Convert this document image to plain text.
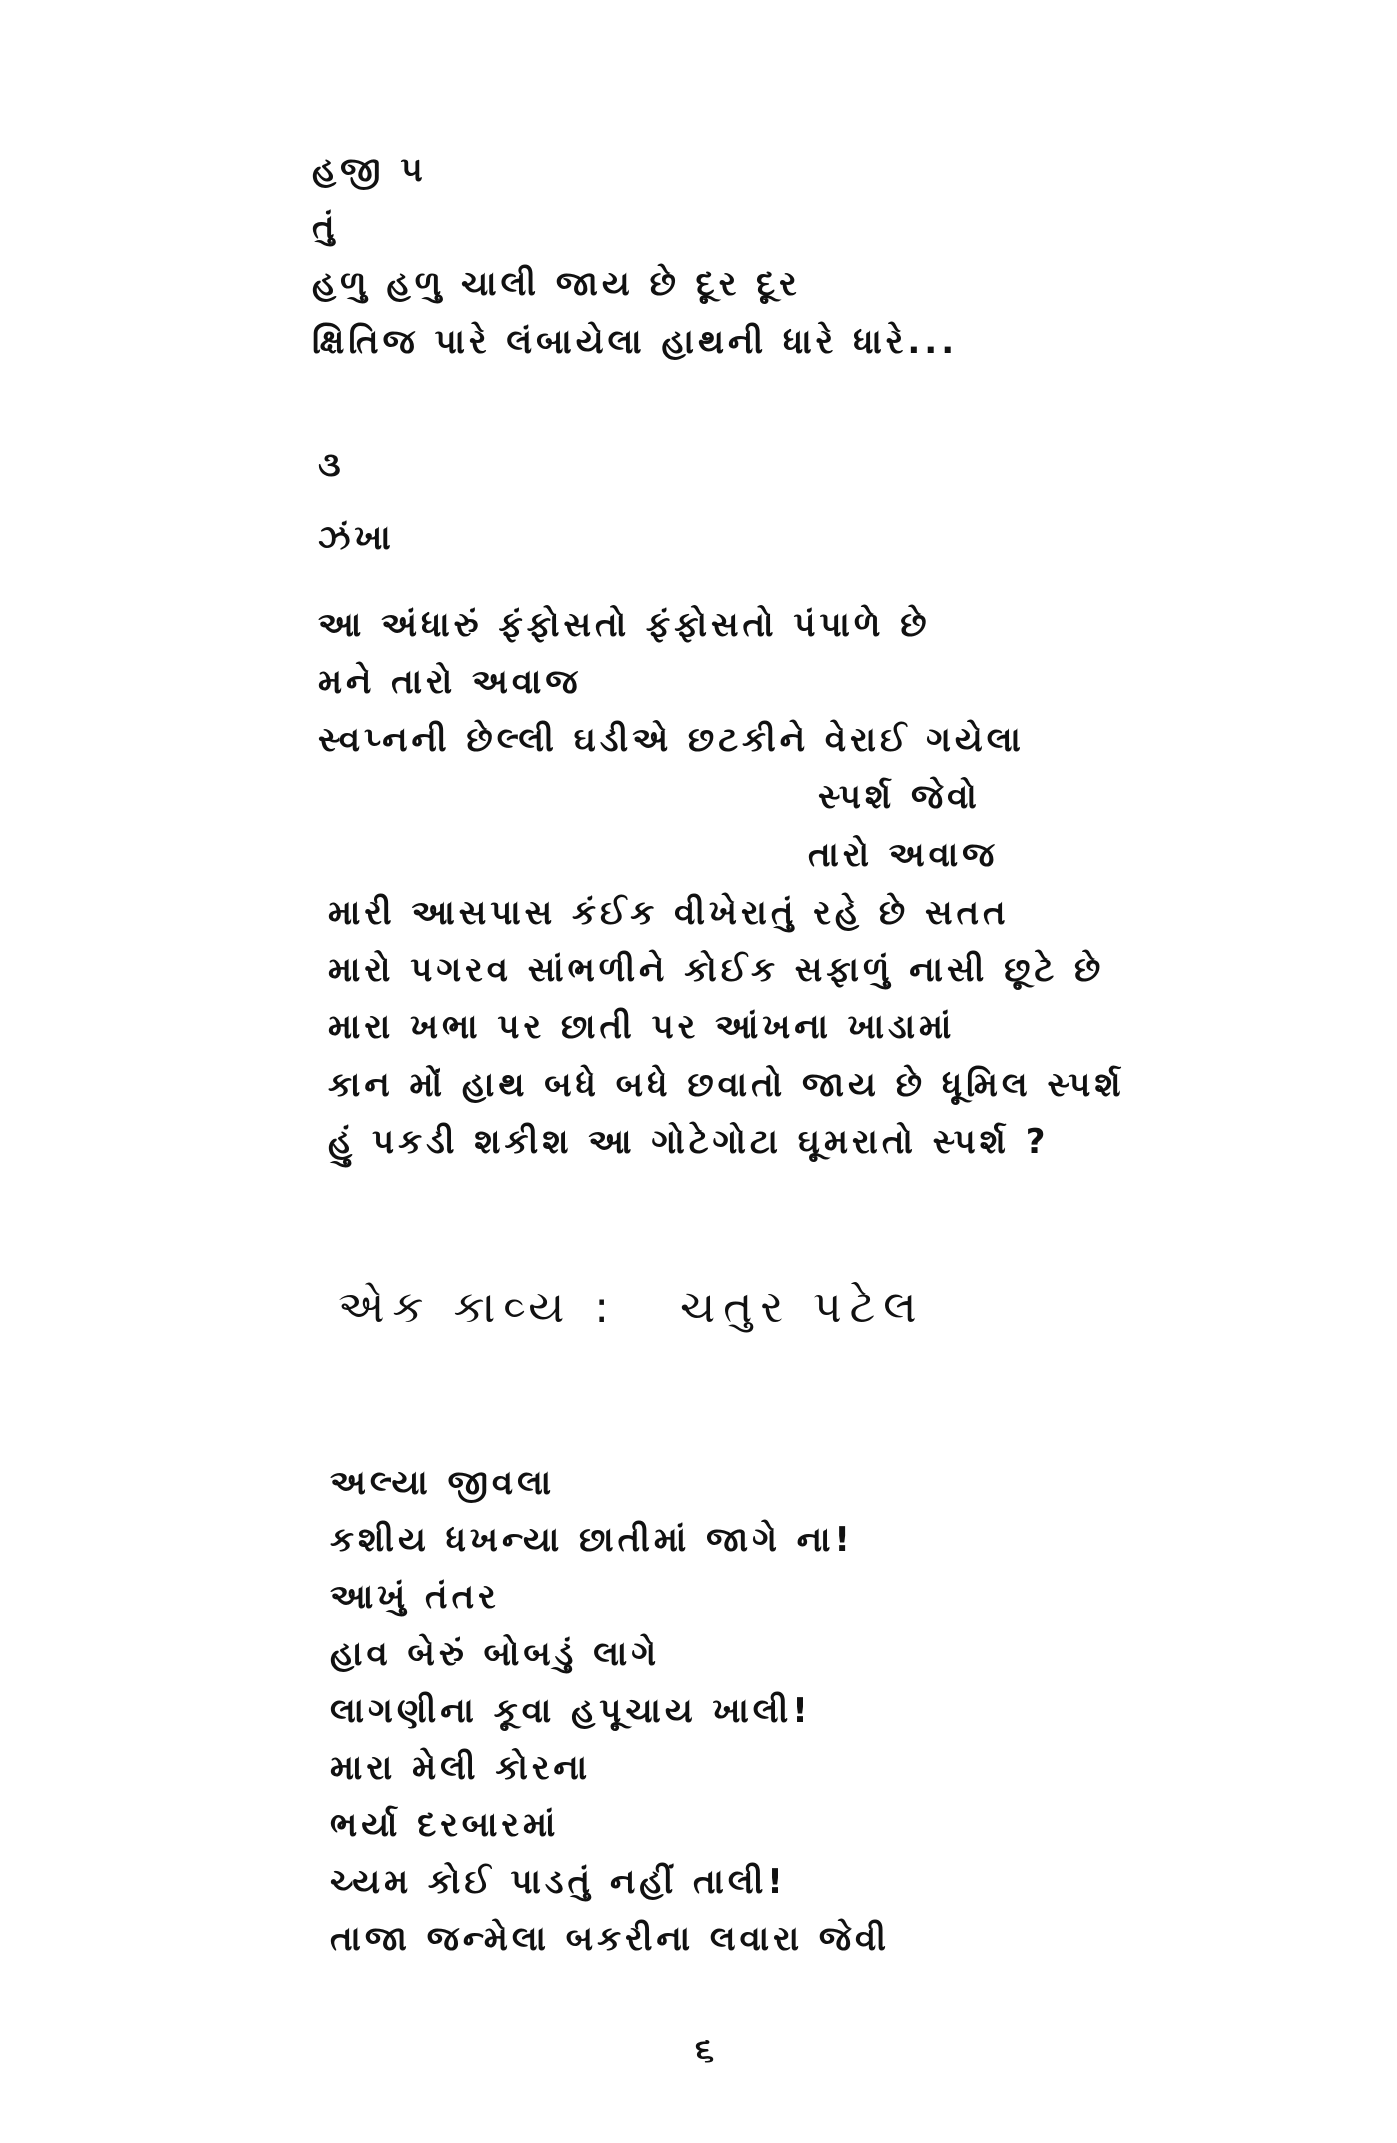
હજી ૫
તું
હળુ હળુ ચાલી જાય છે દૂર દૂર
ક્ષિતિજ પારે લંબાયેલા હાથની ધારે ધારે...
૩
ઝંખા
આ અંધારું ફંફોસતો ફંફોસતો પંપાળે છે
મને તારો અવાજ
સ્વપ્નની છેલ્લી ઘડીએ છટકીને વેરાઈ ગયેલા
સ્પર્શ જેવો
તારો અવાજ
મારી આસપાસ કંઈક વીખેરાતું રહે છે સતત
મારો પગરવ સાંભળીને કોઈક સફાળું નાસી છૂટે છે
મારા ખભા પર છાતી પર આંખના ખાડામાં
કાન મોં હાથ બધે બધે છવાતો જાય છે ધૂમિલ સ્પર્શ
હું પકડી શકીશ આ ગોટેગોટા ઘૂમરાતો સ્પર્શ ?
એક કાવ્ય : ચતુર પટેલ
અલ્યા જીવલા
કશીય ધખન્યા છાતીમાં જાગે ના!
આખું તંતર
હાવ બેરું બોબડું લાગે
લાગણીના કૂવા હપૂચાય ખાલી!
મારા મેલી કોરના
ભર્યા દરબારમાં
ચ્યમ કોઈ પાડતું નહીં તાલી!
તાજા જન્મેલા બકરીના લવારા જેવી
૬
